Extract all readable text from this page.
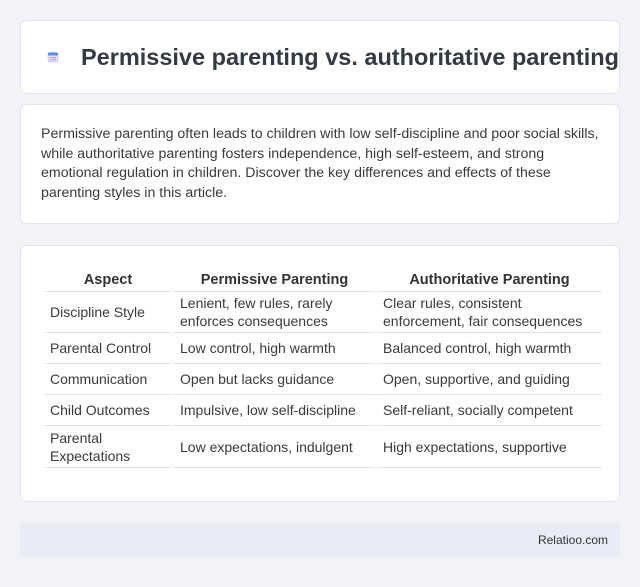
Permissive parenting vs. authoritative parenting

Permissive parenting often leads to children with low self-discipline and poor social skills, while authoritative parenting fosters independence, high self-esteem, and strong emotional regulation in children. Discover the key differences and effects of these parenting styles in this article.

Aspect	Permissive Parenting	Authoritative Parenting
Discipline Style	Lenient, few rules, rarely enforces consequences	Clear rules, consistent enforcement, fair consequences
Parental Control	Low control, high warmth	Balanced control, high warmth
Communication	Open but lacks guidance	Open, supportive, and guiding
Child Outcomes	Impulsive, low self-discipline	Self-reliant, socially competent
Parental Expectations	Low expectations, indulgent	High expectations, supportive
Relatioo.com
